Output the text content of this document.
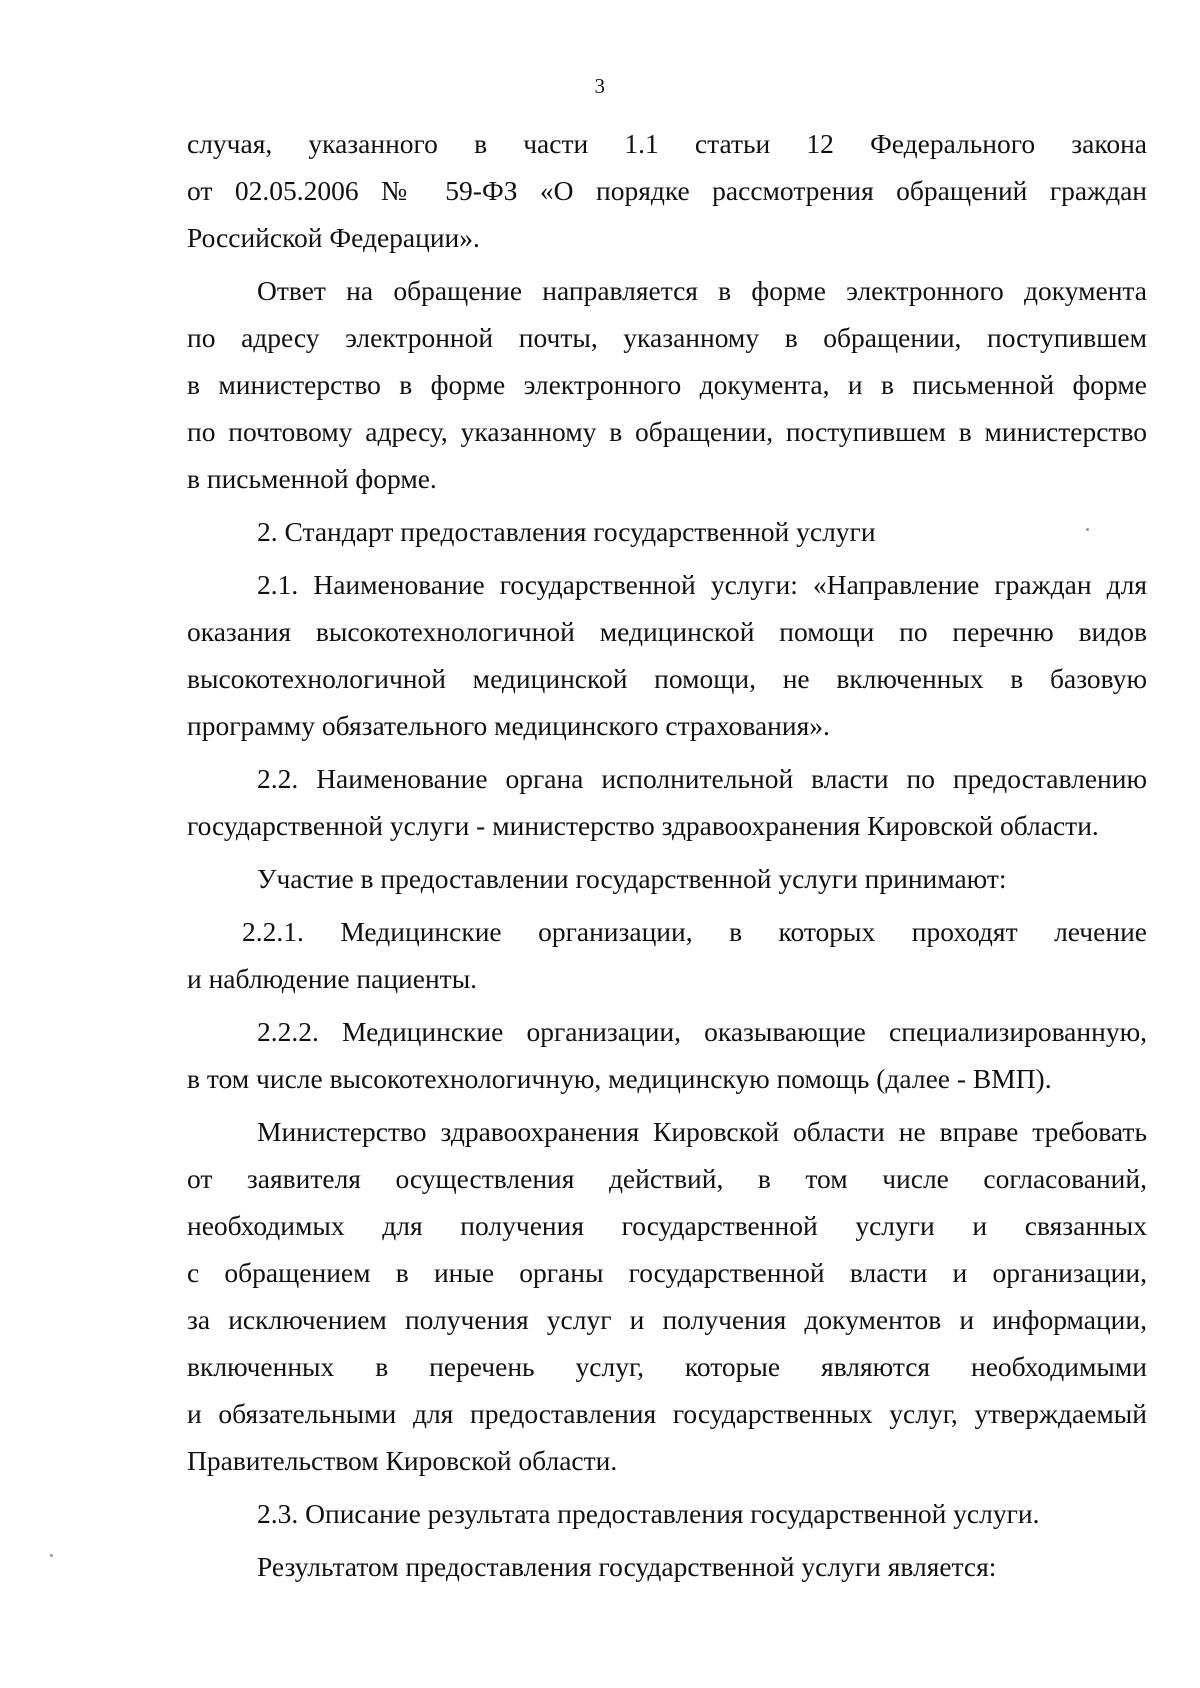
3
случая, указанного в части 1.1 статьи 12 Федерального закона
от 02.05.2006 № 59-ФЗ «О порядке рассмотрения обращений граждан
Российской Федерации».
Ответ на обращение направляется в форме электронного документа
по адресу электронной почты, указанному в обращении, поступившем
в министерство в форме электронного документа, и в письменной форме
по почтовому адресу, указанному в обращении, поступившем в министерство
в письменной форме.
2. Стандарт предоставления государственной услуги
2.1. Наименование государственной услуги: «Направление граждан для
оказания высокотехнологичной медицинской помощи по перечню видов
высокотехнологичной медицинской помощи, не включенных в базовую
программу обязательного медицинского страхования».
2.2. Наименование органа исполнительной власти по предоставлению
государственной услуги - министерство здравоохранения Кировской области.
Участие в предоставлении государственной услуги принимают:
2.2.1. Медицинские организации, в которых проходят лечение
и наблюдение пациенты.
2.2.2. Медицинские организации, оказывающие специализированную,
в том числе высокотехнологичную, медицинскую помощь (далее - ВМП).
Министерство здравоохранения Кировской области не вправе требовать
от заявителя осуществления действий, в том числе согласований,
необходимых для получения государственной услуги и связанных
с обращением в иные органы государственной власти и организации,
за исключением получения услуг и получения документов и информации,
включенных в перечень услуг, которые являются необходимыми
и обязательными для предоставления государственных услуг, утверждаемый
Правительством Кировской области.
2.3. Описание результата предоставления государственной услуги.
Результатом предоставления государственной услуги является:
